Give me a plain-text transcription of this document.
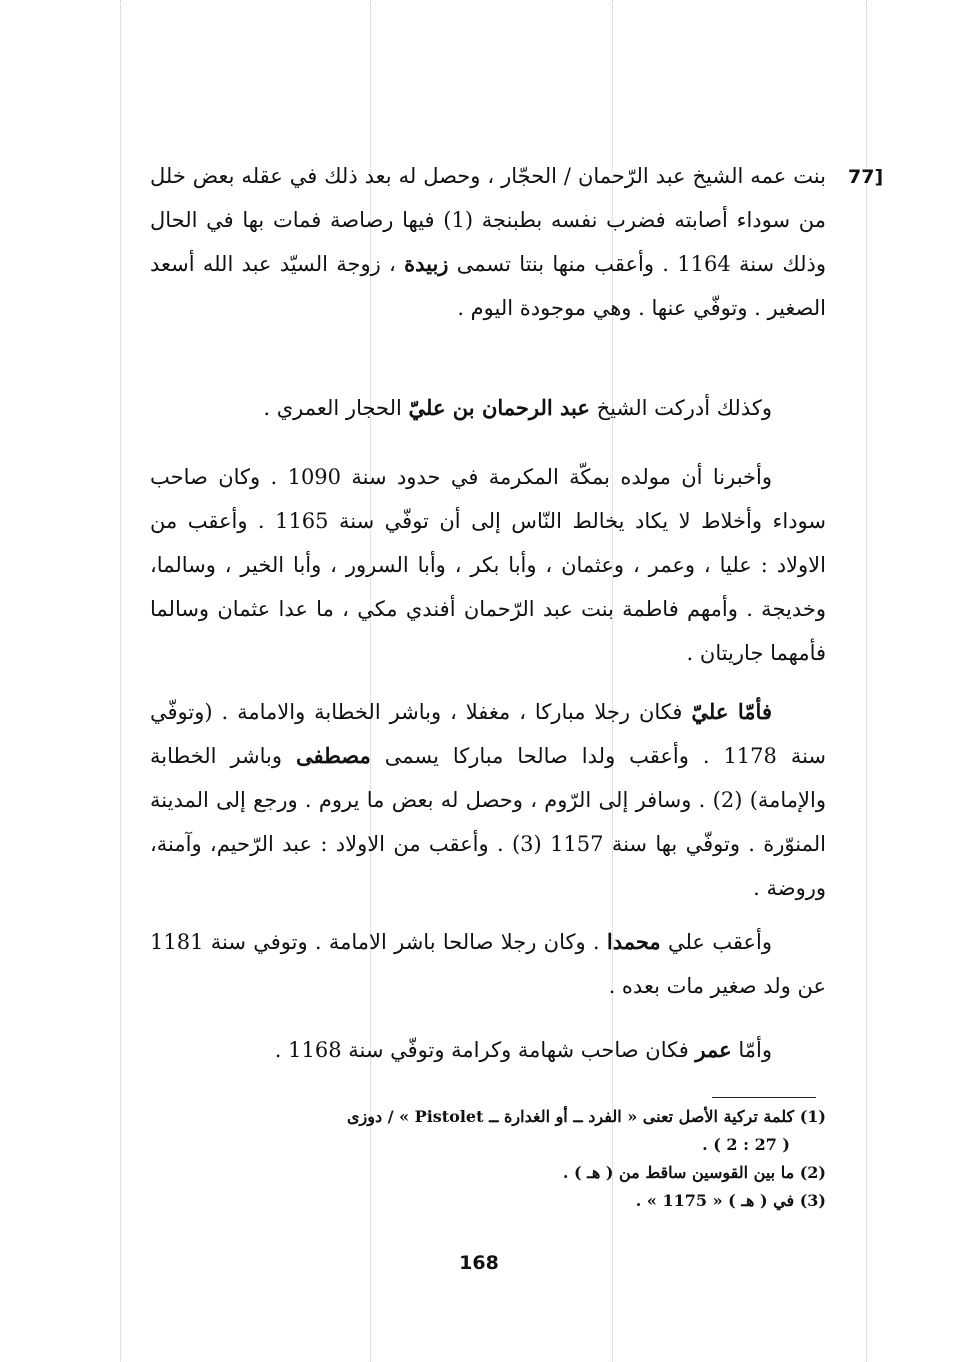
77]

بنت عمه الشيخ عبد الرّحمان / الحجّار ، وحصل له بعد ذلك في عقله بعض خلل من سوداء أصابته فضرب نفسه بطبنجة (1) فيها رصاصة فمات بها في الحال وذلك سنة 1164 . وأعقب منها بنتا تسمى زبيدة ، زوجة السيّد عبد الله أسعد الصغير . وتوفّي عنها . وهي موجودة اليوم .

وكذلك أدركت الشيخ عبد الرحمان بن عليّ الحجار العمري .

وأخبرنا أن مولده بمكّة المكرمة في حدود سنة 1090 . وكان صاحب سوداء وأخلاط لا يكاد يخالط النّاس إلى أن توفّي سنة 1165 . وأعقب من الاولاد : عليا ، وعمر ، وعثمان ، وأبا بكر ، وأبا السرور ، وأبا الخير ، وسالما، وخديجة . وأمهم فاطمة بنت عبد الرّحمان أفندي مكي ، ما عدا عثمان وسالما فأمهما جاريتان .

فأمّا عليّ فكان رجلا مباركا ، مغفلا ، وباشر الخطابة والامامة . (وتوفّي سنة 1178 . وأعقب ولدا صالحا مباركا يسمى مصطفى وباشر الخطابة والإمامة) (2) . وسافر إلى الرّوم ، وحصل له بعض ما يروم . ورجع إلى المدينة المنوّرة . وتوفّي بها سنة 1157 (3) . وأعقب من الاولاد : عبد الرّحيم، وآمنة، وروضة .

وأعقب علي محمدا . وكان رجلا صالحا باشر الامامة . وتوفي سنة 1181 عن ولد صغير مات بعده .

وأمّا عمر فكان صاحب شهامة وكرامة وتوفّي سنة 1168 .

(1) كلمة تركية الأصل تعنى « الفرد ــ أو الغدارة ــ Pistolet » / دوزى

( 27 : 2 ) .

(2) ما بين القوسين ساقط من ( هـ ) .

(3) في ( هـ ) « 1175 » .

168
